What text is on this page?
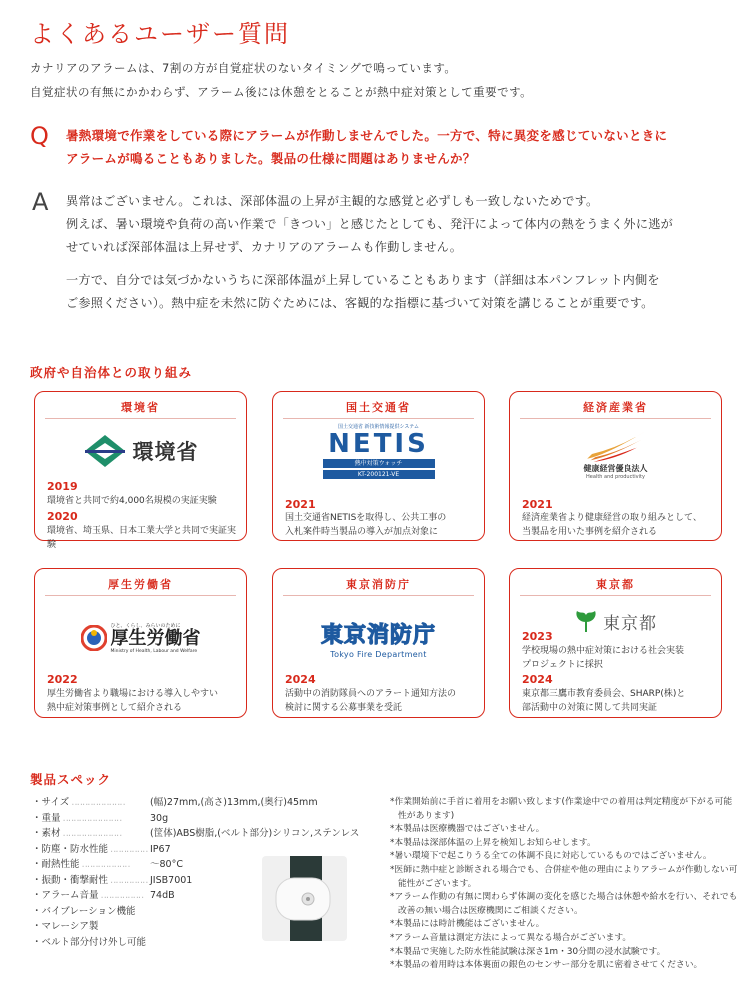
よくあるユーザー質問
カナリアのアラームは、7割の方が自覚症状のないタイミングで鳴っています。
自覚症状の有無にかかわらず、アラーム後には休憩をとることが熱中症対策として重要です。
Q 暑熱環境で作業をしている際にアラームが作動しませんでした。一方で、特に異変を感じていないときに
アラームが鳴ることもありました。製品の仕様に問題はありませんか？
A 異常はございません。これは、深部体温の上昇が主観的な感覚と必ずしも一致しないためです。
例えば、暑い環境や負荷の高い作業で「きつい」と感じたとしても、発汗によって体内の熱をうまく外に逃が
せていれば深部体温は上昇せず、カナリアのアラームも作動しません。

一方で、自分では気づかないうちに深部体温が上昇していることもあります（詳細は本パンフレット内側を
ご参照ください）。熱中症を未然に防ぐためには、客観的な指標に基づいて対策を講じることが重要です。

政府や自治体との取り組み
環境省
環境省
2019
環境省と共同で約4,000名規模の実証実験
2020
環境省、埼玉県、日本工業大学と共同で実証実験
国土交通省
国土交通省 新技術情報提供システム
NETIS
熱中対策ウォッチ
KT-200121-VE
2021
国土交通省NETISを取得し、公共工事の
入札案件時当製品の導入が加点対象に
経済産業省
健康経営優良法人
Health and productivity
2021
経済産業省より健康経営の取り組みとして、
当製品を用いた事例を紹介される
厚生労働省
ひと、くらし、みらいのために
厚生労働省
Ministry of Health, Labour and Welfare
2022
厚生労働省より職場における導入しやすい
熱中症対策事例として紹介される
東京消防庁
東京消防庁
Tokyo Fire Department
2024
活動中の消防隊員へのアラート通知方法の
検討に関する公募事業を受託
東京都
東京都
2023
学校現場の熱中症対策における社会実装
プロジェクトに採択
2024
東京都三鷹市教育委員会、SHARP(株)と
部活動中の対策に関して共同実証
製品スペック
・サイズ ‥‥‥‥‥‥‥‥‥‥	(幅)27mm,(高さ)13mm,(奥行)45mm
・重量 ‥‥‥‥‥‥‥‥‥‥‥	30g
・素材 ‥‥‥‥‥‥‥‥‥‥‥	(筐体)ABS樹脂,(ベルト部分)シリコン,ステンレス
・防塵・防水性能 ‥‥‥‥‥‥‥ IP67
・耐熱性能 ‥‥‥‥‥‥‥‥‥	～80°C
・振動・衝撃耐性 ‥‥‥‥‥‥‥ JISB7001
・アラーム音量 ‥‥‥‥‥‥‥‥ 74dB
・バイブレーション機能
・マレーシア製
・ベルト部分付け外し可能
*作業開始前に手首に着用をお願い致します(作業途中での着用は判定精度が下がる可能性があります)
*本製品は医療機器ではございません。
*本製品は深部体温の上昇を検知しお知らせします。
*暑い環境下で起こりうる全ての体調不良に対応しているものではございません。
*医師に熱中症と診断される場合でも、合併症や他の理由によりアラームが作動しない可能性がございます。
*アラーム作動の有無に関わらず体調の変化を感じた場合は休憩や給水を行い、それでも改善の無い場合は医療機関にご相談ください。
*本製品には時計機能はございません。
*アラーム音量は測定方法によって異なる場合がございます。
*本製品で実施した防水性能試験は深さ1m・30分間の浸水試験です。
*本製品の着用時は本体裏面の銀色のセンサー部分を肌に密着させてください。
